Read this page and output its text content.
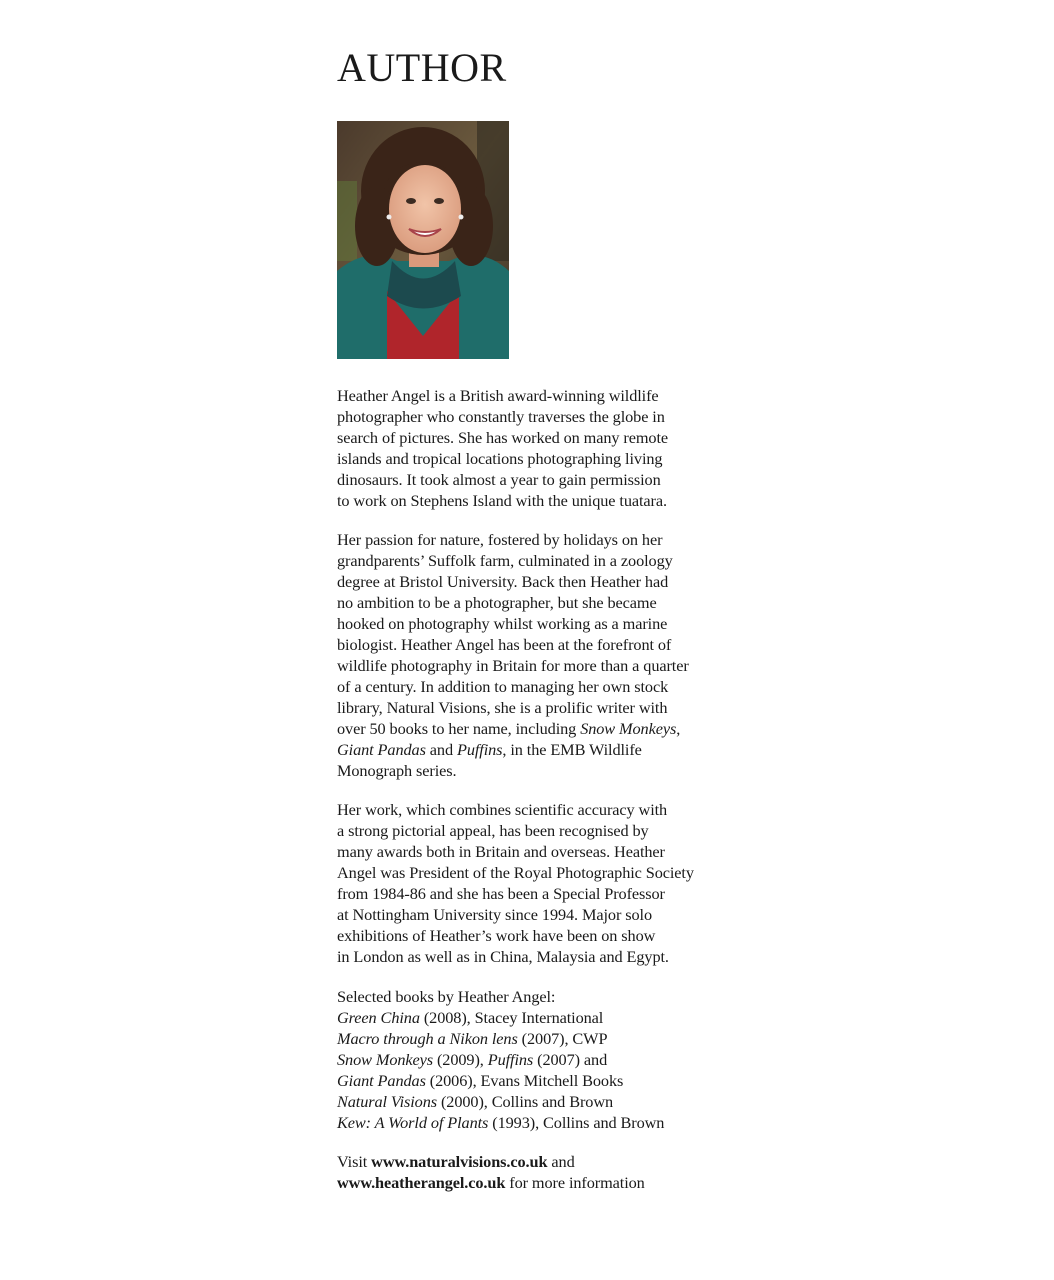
AUTHOR
Heather Angel is a British award-winning wildlife
photographer who constantly traverses the globe in
search of pictures. She has worked on many remote
islands and tropical locations photographing living
dinosaurs. It took almost a year to gain permission
to work on Stephens Island with the unique tuatara.
Her passion for nature, fostered by holidays on her
grandparents’ Suffolk farm, culminated in a zoology
degree at Bristol University. Back then Heather had
no ambition to be a photographer, but she became
hooked on photography whilst working as a marine
biologist. Heather Angel has been at the forefront of
wildlife photography in Britain for more than a quarter
of a century. In addition to managing her own stock
library, Natural Visions, she is a prolific writer with
over 50 books to her name, including Snow Monkeys,
Giant Pandas and Puffins, in the EMB Wildlife
Monograph series.
Her work, which combines scientific accuracy with
a strong pictorial appeal, has been recognised by
many awards both in Britain and overseas. Heather
Angel was President of the Royal Photographic Society
from 1984-86 and she has been a Special Professor
at Nottingham University since 1994. Major solo
exhibitions of Heather’s work have been on show
in London as well as in China, Malaysia and Egypt.
Selected books by Heather Angel:
Green China (2008), Stacey International
Macro through a Nikon lens (2007), CWP
Snow Monkeys (2009), Puffins (2007) and
Giant Pandas (2006), Evans Mitchell Books
Natural Visions (2000), Collins and Brown
Kew: A World of Plants (1993), Collins and Brown
Visit www.naturalvisions.co.uk and
www.heatherangel.co.uk for more information
